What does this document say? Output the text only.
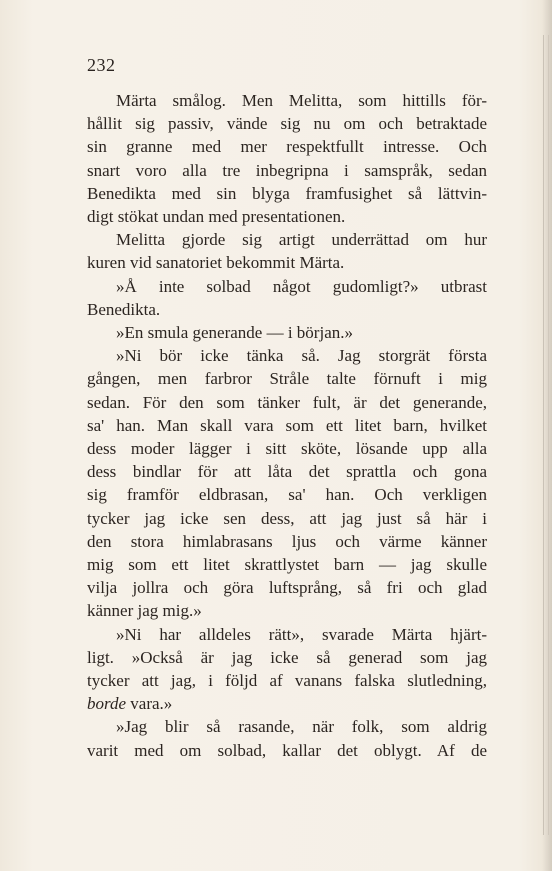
232
Märta smålog. Men Melitta, som hittills för-
hållit sig passiv, vände sig nu om och betraktade
sin granne med mer respektfullt intresse. Och
snart voro alla tre inbegripna i samspråk, sedan
Benedikta med sin blyga framfusighet så lättvin-
digt stökat undan med presentationen.
Melitta gjorde sig artigt underrättad om hur
kuren vid sanatoriet bekommit Märta.
»Å inte solbad något gudomligt?» utbrast
Benedikta.
»En smula generande — i början.»
»Ni bör icke tänka så. Jag storgrät första
gången, men farbror Stråle talte förnuft i mig
sedan. För den som tänker fult, är det generande,
sa' han. Man skall vara som ett litet barn, hvilket
dess moder lägger i sitt sköte, lösande upp alla
dess bindlar för att låta det sprattla och gona
sig framför eldbrasan, sa' han. Och verkligen
tycker jag icke sen dess, att jag just så här i
den stora himlabrasans ljus och värme känner
mig som ett litet skrattlystet barn — jag skulle
vilja jollra och göra luftsprång, så fri och glad
känner jag mig.»
»Ni har alldeles rätt», svarade Märta hjärt-
ligt. »Också är jag icke så generad som jag
tycker att jag, i följd af vanans falska slutledning,
borde vara.»
»Jag blir så rasande, när folk, som aldrig
varit med om solbad, kallar det oblygt. Af de
